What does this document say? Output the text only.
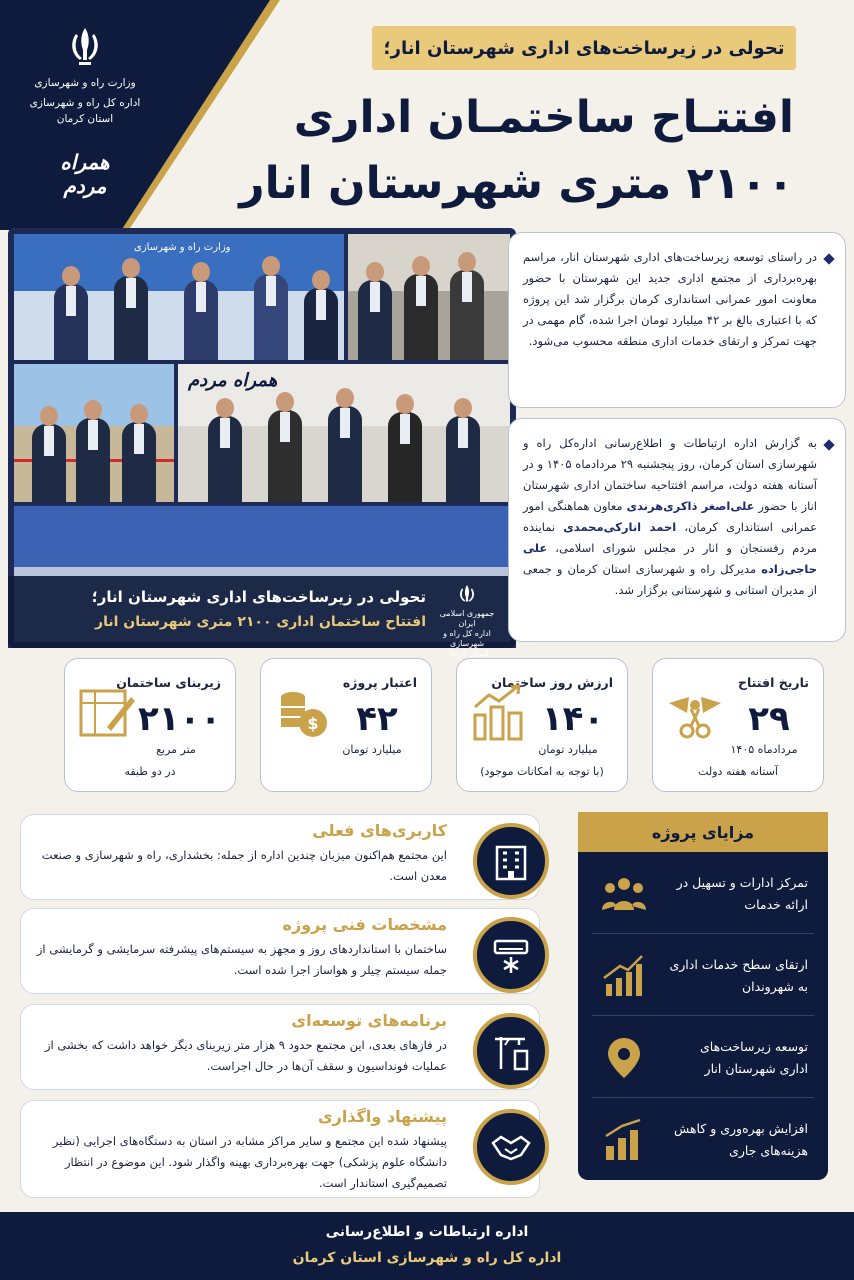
وزارت راه و شهرسازی
اداره کل راه و شهرسازی
استان کرمان
همراه مردم
تحولی در زیرساخت‌های اداری شهرستان انار؛
افتتـاح ساختمـان اداری
۲۱۰۰ متری شهرستان انار
وزارت راه و شهرسازی
همراه مردم
تحولی در زیرساخت‌های اداری شهرستان انار؛
افتتاح ساختمان اداری ۲۱۰۰ متری شهرستان انار
جمهوری اسلامی ایران
اداره کل راه و شهرسازی
استان کرمان
در راستای توسعه زیرساخت‌های اداری شهرستان انار، مراسم بهره‌برداری از مجتمع اداری جدید این شهرستان با حضور معاونت امور عمرانی استانداری کرمان برگزار شد این پروژه که با اعتباری بالغ بر ۴۲ میلیارد تومان اجرا شده، گام مهمی در جهت تمرکز و ارتقای خدمات اداری منطقه محسوب می‌شود.
به گزارش اداره ارتباطات و اطلاع‌رسانی اداره‌کل راه و شهرسازی استان کرمان، روز پنجشنبه ۲۹ مردادماه ۱۴۰۵ و در آستانه هفته دولت، مراسم افتتاحیه ساختمان اداری شهرستان اناز با حضور علی‌اصغر ذاکری‌هرندی معاون هماهنگی امور عمرانی استانداری کرمان، احمد انارکی‌محمدی نماینده مردم رفسنجان و انار در مجلس شورای اسلامی، علی حاجی‌زاده مدیرکل راه و شهرسازی استان کرمان و جمعی از مدیران استانی و شهرستانی برگزار شد.
تاریخ افتتاح
۲۹
مردادماه ۱۴۰۵
آستانه هفته دولت
ارزش روز ساختمان
۱۴۰
میلیارد تومان
(با توجه به امکانات موجود)
اعتبار پروژه
۴۲
میلیارد تومان
$
زیربنای ساختمان
۲۱۰۰
متر مربع
در دو طبقه
کاربری‌های فعلی
این مجتمع هم‌اکنون میزبان چندین اداره از جمله: بخشداری، راه و شهرسازی و صنعت معدن است.
مشخصات فنی پروژه
ساختمان با استانداردهای روز و مجهز به سیستم‌های پیشرفته سرمایشی و گرمایشی از جمله سیستم چیلر و هواساز اجرا شده است.
برنامه‌های توسعه‌ای
در فازهای بعدی، این مجتمع حدود ۹ هزار متر زیربنای دیگر خواهد داشت که بخشی از عملیات فونداسیون و سقف آن‌ها در حال اجراست.
پیشنهاد واگذاری
پیشنهاد شده این مجتمع و سایر مراکز مشابه در استان به دستگاه‌های اجرایی (نظیر دانشگاه علوم پزشکی) جهت بهره‌برداری بهینه واگذار شود. این موضوع در انتظار تصمیم‌گیری استاندار است.
مزایای پروژه
تمرکز ادارات و تسهیل در ارائه خدمات
ارتقای سطح خدمات اداری به شهروندان
توسعه زیرساخت‌های اداری شهرستان انار
افزایش بهره‌وری و کاهش هزینه‌های جاری
اداره ارتباطات و اطلاع‌رسانی
اداره کل راه و شهرسازی استان کرمان
